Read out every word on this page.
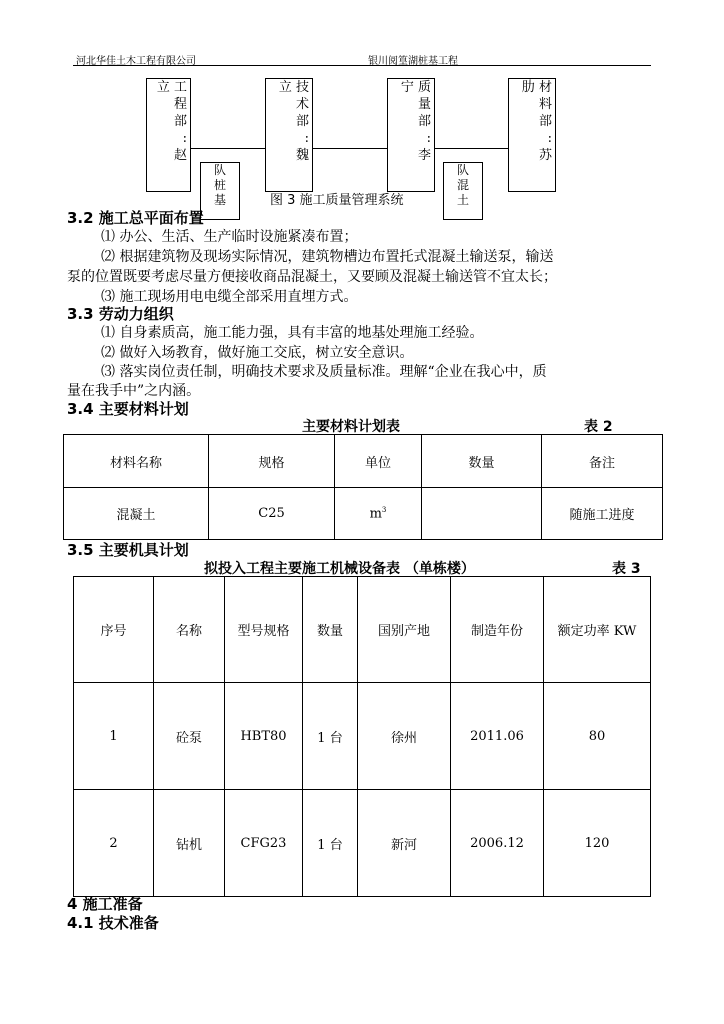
河北华佳土木工程有限公司	银川阅篁湖桩基工程
立 工
程
部
:
赵
立 技
术
部
:
魏
宁 质
量
部
:
李
肋 材
料
部
:
苏
队
桩
基
队
混
土
图 3 施工质量管理系统
3.2 施工总平面布置
⑴ 办公、生活、生产临时设施紧凑布置；
⑵ 根据建筑物及现场实际情况，建筑物槽边布置托式混凝土输送泵，输送
泵的位置既要考虑尽量方便接收商品混凝土，又要顾及混凝土输送管不宜太长；
⑶ 施工现场用电电缆全部采用直埋方式。
3.3 劳动力组织
⑴ 自身素质高，施工能力强，具有丰富的地基处理施工经验。
⑵ 做好入场教育，做好施工交底，树立安全意识。
⑶ 落实岗位责任制，明确技术要求及质量标准。理解“企业在我心中，质
量在我手中”之内涵。
3.4 主要材料计划
主要材料计划表	表 2
材料名称	规格	单位	数量	备注
混凝土	C25	$m^3$		随施工进度
3.5 主要机具计划
拟投入工程主要施工机械设备表 （单栋楼）	表 3
序号	名称	型号规格	数量	国别产地	制造年份	额定功率 KW
1	砼泵	HBT80	1 台	徐州	2011.06	80
2	钻机	CFG23	1 台	新河	2006.12	120
4 施工准备
4.1 技术准备
